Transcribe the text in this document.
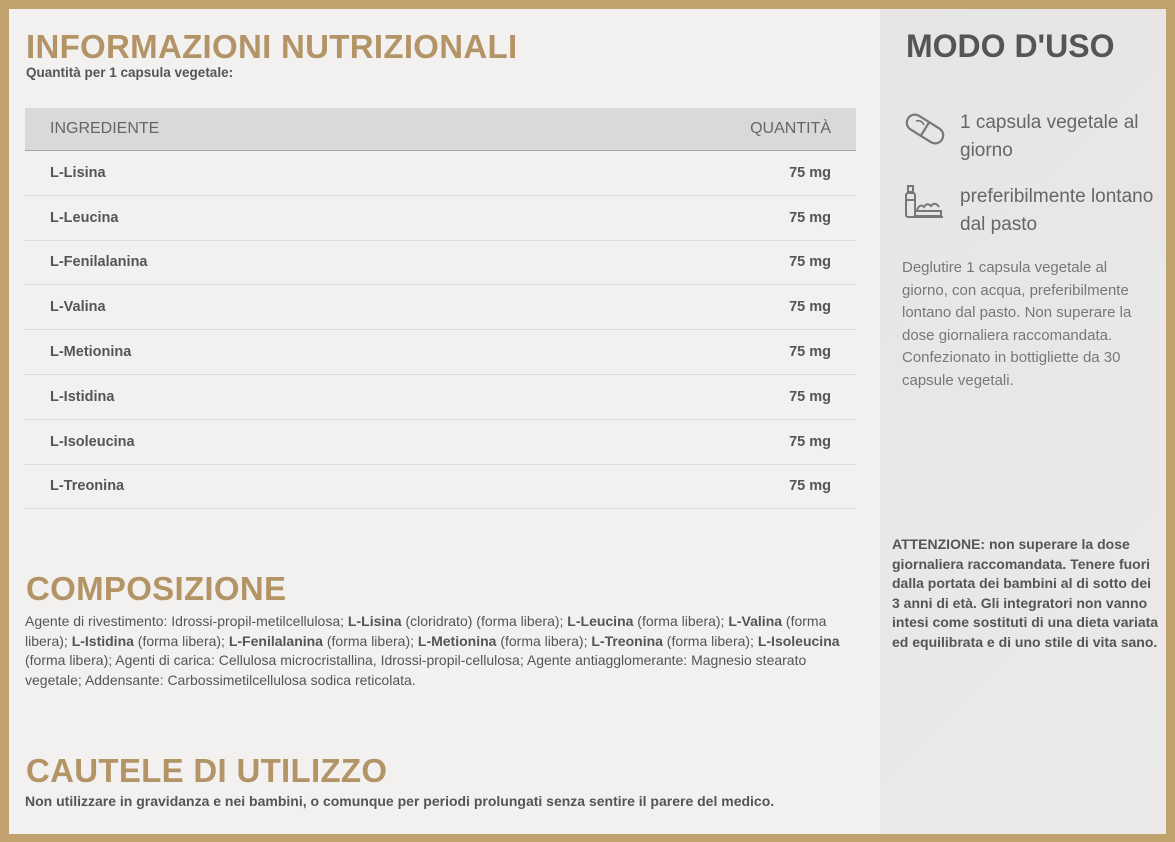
INFORMAZIONI NUTRIZIONALI
Quantità per 1 capsula vegetale:
INGREDIENTE	QUANTITÀ
L-Lisina	75 mg
L-Leucina	75 mg
L-Fenilalanina	75 mg
L-Valina	75 mg
L-Metionina	75 mg
L-Istidina	75 mg
L-Isoleucina	75 mg
L-Treonina	75 mg
COMPOSIZIONE
Agente di rivestimento: Idrossi-propil-metilcellulosa; L-Lisina (cloridrato) (forma libera); L-Leucina (forma libera); L-Valina (forma libera); L-Istidina (forma libera); L-Fenilalanina (forma libera); L-Metionina (forma libera); L-Treonina (forma libera); L-Isoleucina (forma libera); Agenti di carica: Cellulosa microcristallina, Idrossi-propil-cellulosa; Agente antiagglomerante: Magnesio stearato vegetale; Addensante: Carbossimetilcellulosa sodica reticolata.
CAUTELE DI UTILIZZO
Non utilizzare in gravidanza e nei bambini, o comunque per periodi prolungati senza sentire il parere del medico.
MODO D'USO
1 capsula vegetale al giorno
preferibilmente lontano dal pasto
Deglutire 1 capsula vegetale al giorno, con acqua, preferibilmente lontano dal pasto. Non superare la dose giornaliera raccomandata. Confezionato in bottigliette da 30 capsule vegetali.
ATTENZIONE: non superare la dose giornaliera raccomandata. Tenere fuori dalla portata dei bambini al di sotto dei 3 anni di età. Gli integratori non vanno intesi come sostituti di una dieta variata ed equilibrata e di uno stile di vita sano.
